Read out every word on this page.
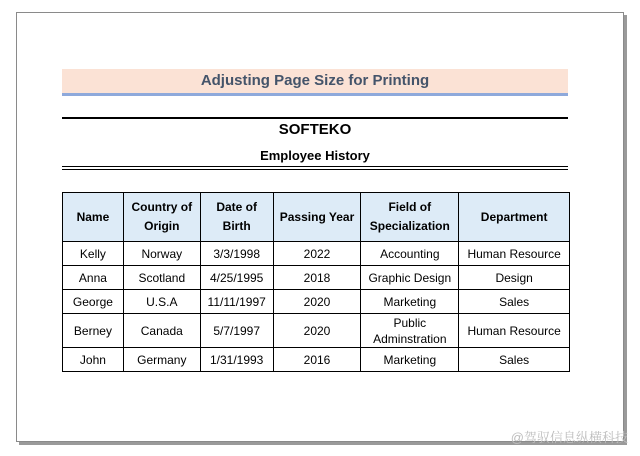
Adjusting Page Size for Printing
SOFTEKO
Employee History
Name	Country of Origin	Date of Birth	Passing Year	Field of Specialization	Department
Kelly	Norway	3/3/1998	2022	Accounting	Human Resource
Anna	Scotland	4/25/1995	2018	Graphic Design	Design
George	U.S.A	11/11/1997	2020	Marketing	Sales
Berney	Canada	5/7/1997	2020	Public Adminstration	Human Resource
John	Germany	1/31/1993	2016	Marketing	Sales
@驾驭信息纵横科技
